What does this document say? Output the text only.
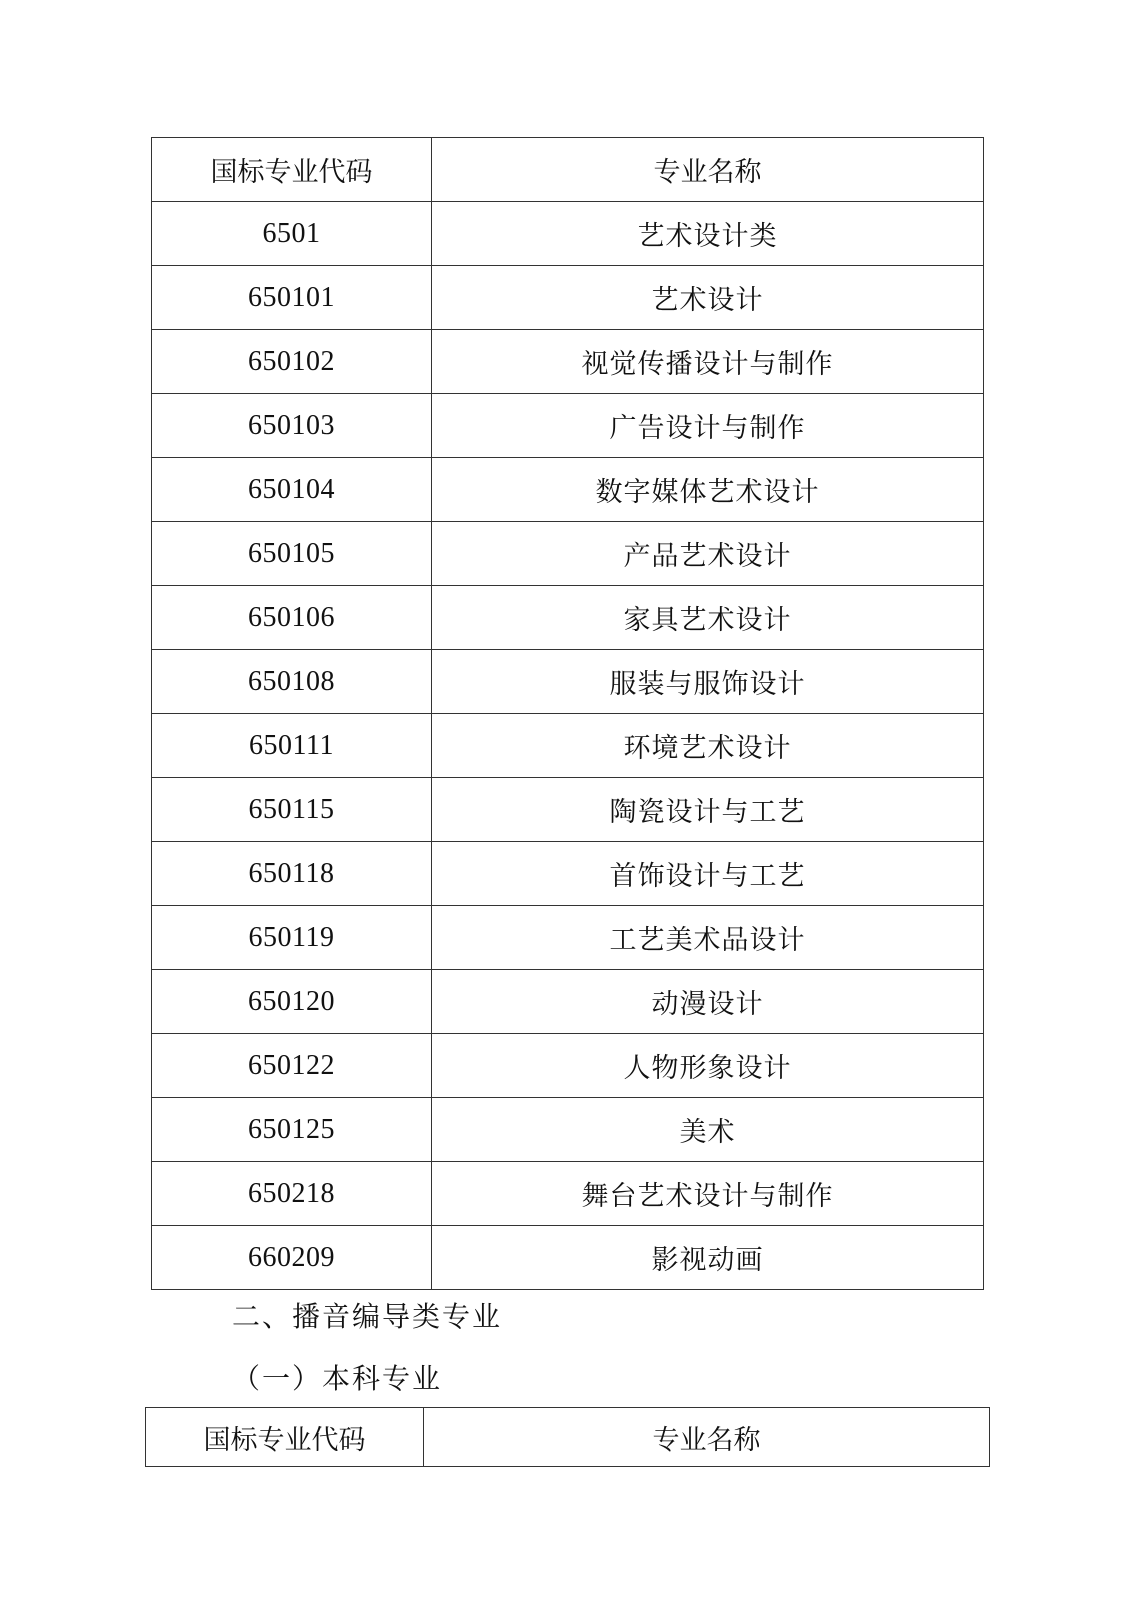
国标专业代码	专业名称
6501	艺术设计类
650101	艺术设计
650102	视觉传播设计与制作
650103	广告设计与制作
650104	数字媒体艺术设计
650105	产品艺术设计
650106	家具艺术设计
650108	服装与服饰设计
650111	环境艺术设计
650115	陶瓷设计与工艺
650118	首饰设计与工艺
650119	工艺美术品设计
650120	动漫设计
650122	人物形象设计
650125	美术
650218	舞台艺术设计与制作
660209	影视动画
二、播音编导类专业
（一）本科专业
国标专业代码	专业名称
